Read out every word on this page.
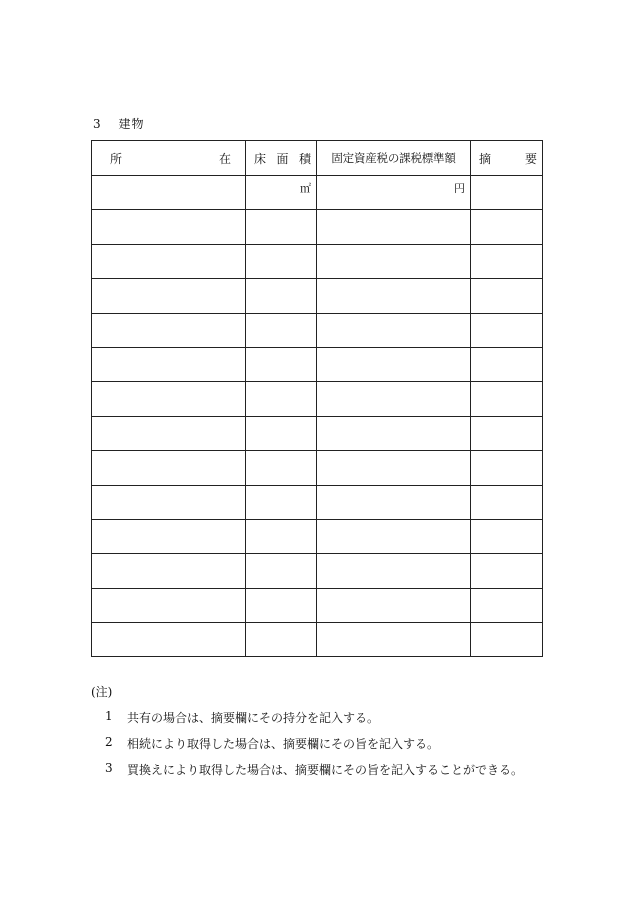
3 建物
所 在	床 面 積	固定資産税の課税標準額	摘 要

	㎡	円	

(注)
1	共有の場合は、摘要欄にその持分を記入する。
2	相続により取得した場合は、摘要欄にその旨を記入する。
3	買換えにより取得した場合は、摘要欄にその旨を記入することができる。
